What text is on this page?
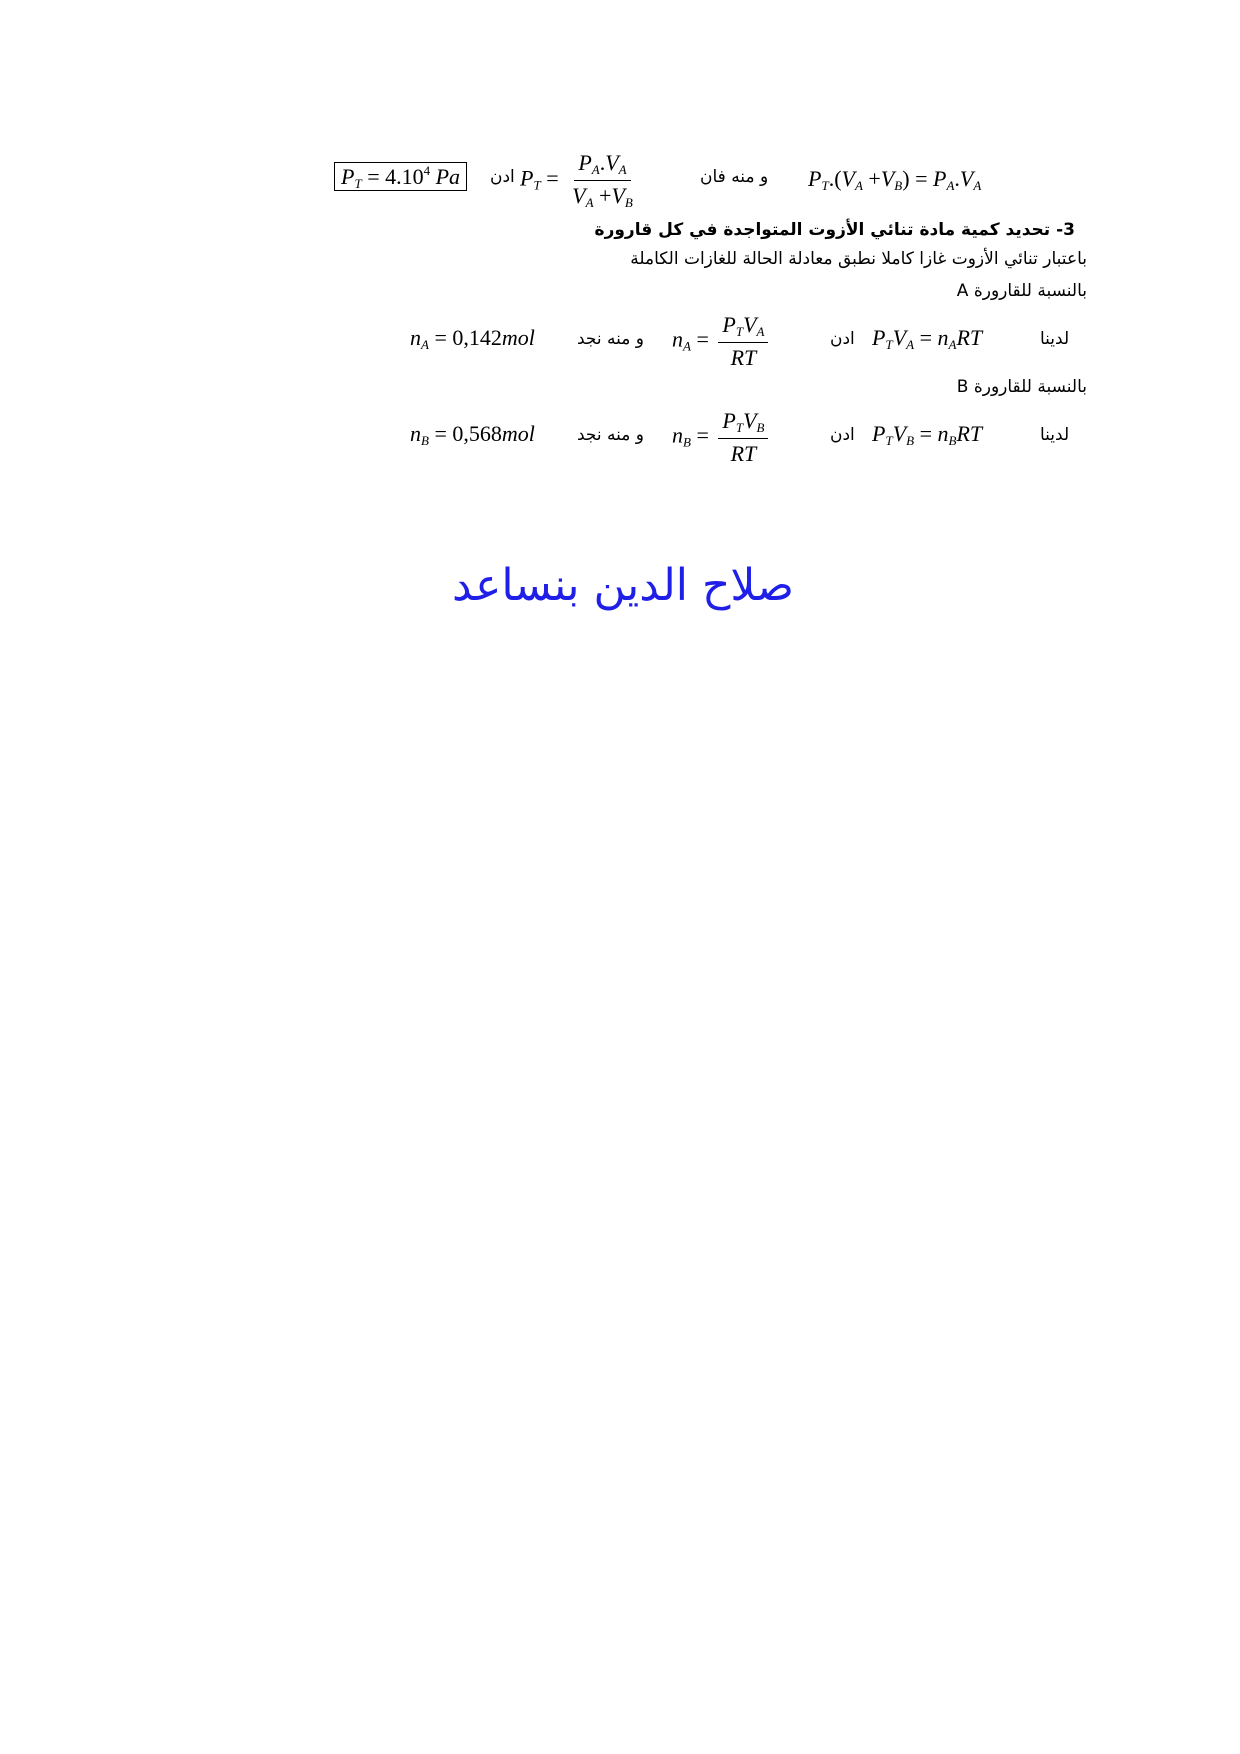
$P_T = 4.10^4$ Pa	ادن $P_T = \frac{P_A.V_A}{V_A +V_B}$	و منه فان $P_T.(V_A +V_B) = P_A.V_A$
3- تحديد كمية مادة تنائي الأزوت المتواجدة في كل قارورة
باعتبار تنائي الأزوت غازا كاملا نطبق معادلة الحالة للغازات الكاملة
بالنسبة للقارورة A
$n_A = 0,142mol$ و منه نجد $n_A = \frac{P_TV_A}{RT}$	ادن $P_TV_A = n_ART$	لدينا
بالنسبة للقارورة B
$n_B = 0,568mol$ و منه نجد $n_B = \frac{P_TV_B}{RT}$	ادن $P_TV_B = n_BRT$	لدينا
صلاح الدين بنساعد
